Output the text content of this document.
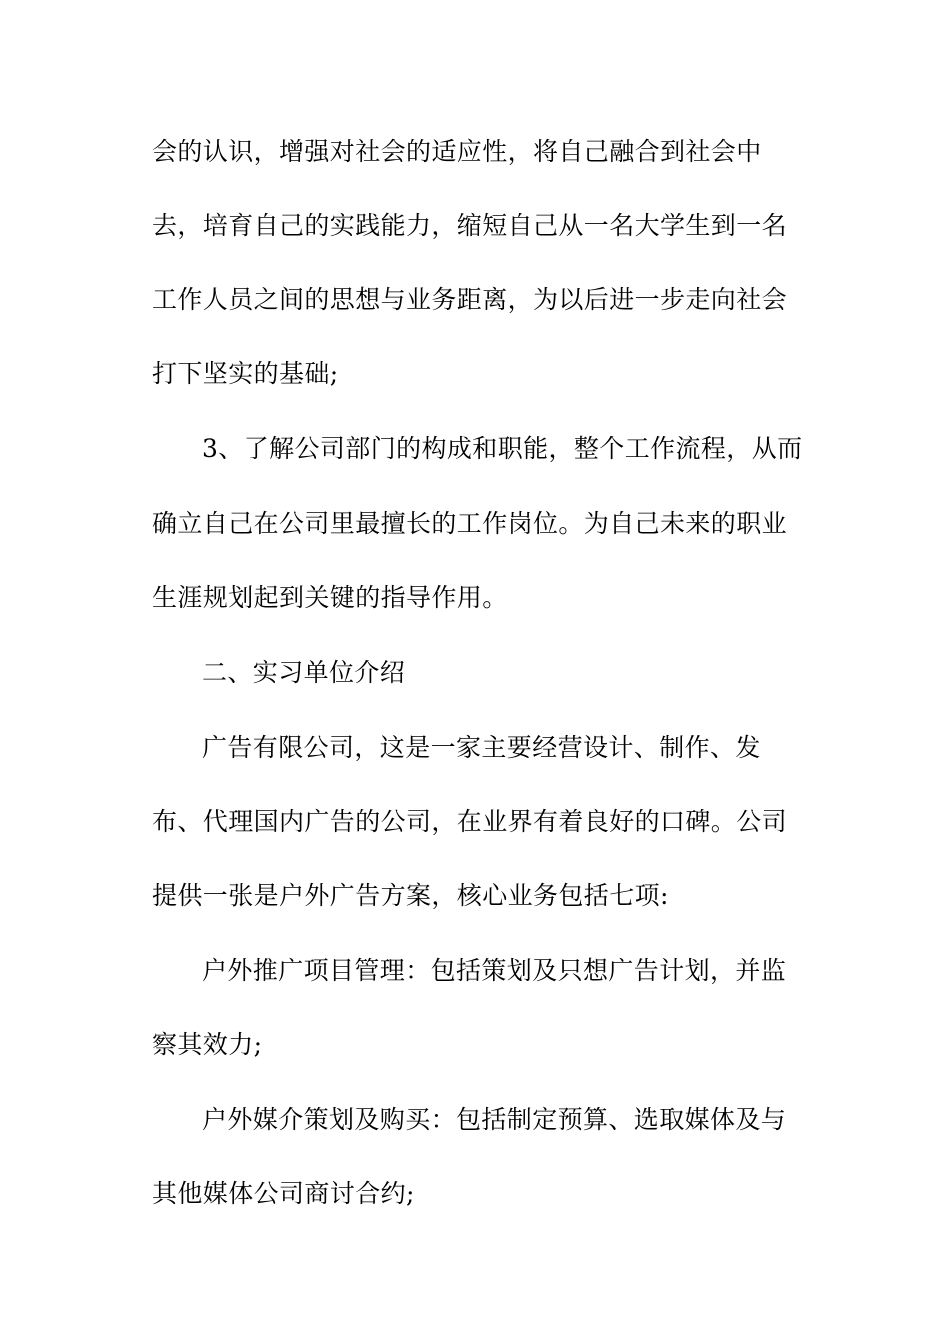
会的认识，增强对社会的适应性，将自己融合到社会中
去，培育自己的实践能力，缩短自己从一名大学生到一名
工作人员之间的思想与业务距离，为以后进一步走向社会
打下坚实的基础;
3、了解公司部门的构成和职能，整个工作流程，从而
确立自己在公司里最擅长的工作岗位。为自己未来的职业
生涯规划起到关键的指导作用。
二、实习单位介绍
广告有限公司，这是一家主要经营设计、制作、发
布、代理国内广告的公司，在业界有着良好的口碑。公司
提供一张是户外广告方案，核心业务包括七项:
户外推广项目管理：包括策划及只想广告计划，并监
察其效力;
户外媒介策划及购买：包括制定预算、选取媒体及与
其他媒体公司商讨合约;
